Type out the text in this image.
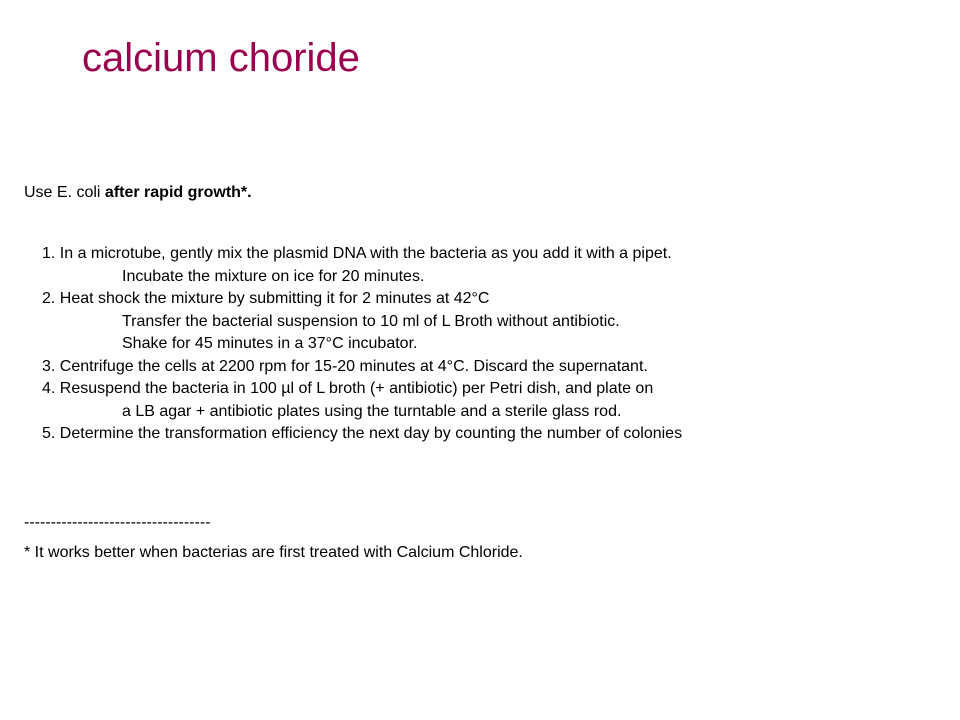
calcium choride
Use E. coli after rapid growth*.
1. In a microtube, gently mix the plasmid DNA with the bacteria as you add it with a pipet.
Incubate the mixture on ice for 20 minutes.
2. Heat shock the mixture by submitting it for 2 minutes at 42°C
Transfer the bacterial suspension to 10 ml of L Broth without antibiotic.
Shake for 45 minutes in a 37°C incubator.
3. Centrifuge the cells at 2200 rpm for 15-20 minutes at 4°C. Discard the supernatant.
4. Resuspend the bacteria in 100 µl of L broth (+ antibiotic) per Petri dish, and plate on
a LB agar + antibiotic plates using the turntable and a sterile glass rod.
5. Determine the transformation efficiency the next day by counting the number of colonies
-----------------------------------
* It works better when bacterias are first treated with Calcium Chloride.
